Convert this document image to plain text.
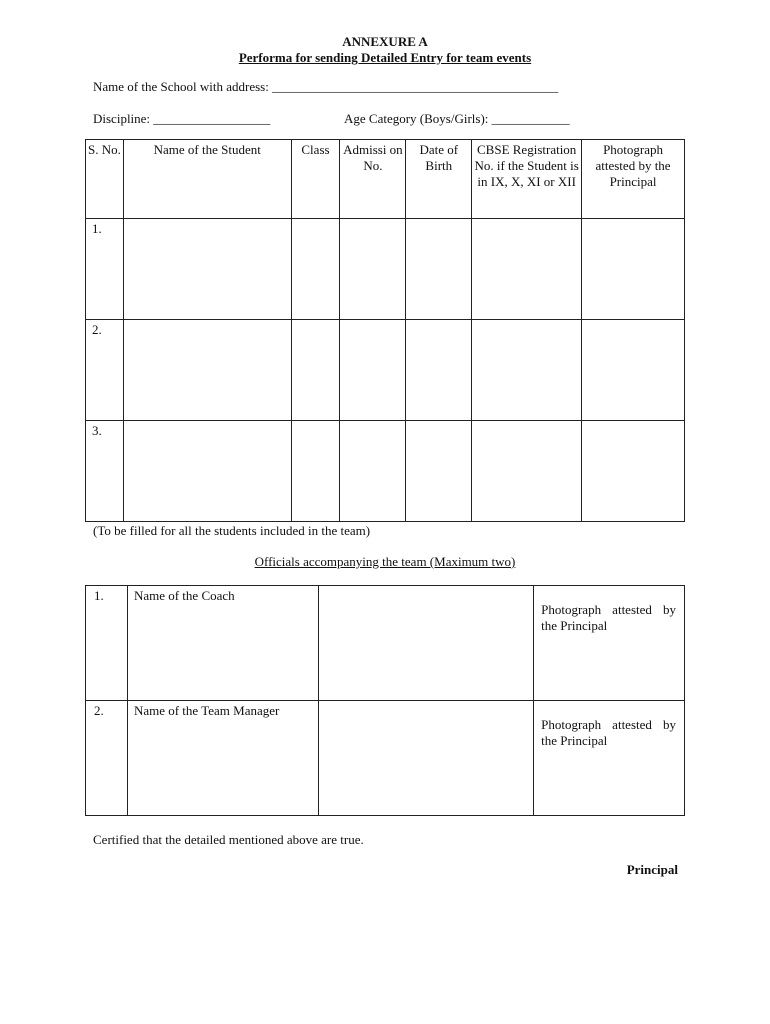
ANNEXURE A
Performa for sending Detailed Entry for team events
Name of the School with address: ____________________________________________
Discipline: __________________	Age Category (Boys/Girls): ____________
S. No.	Name of the Student	Class	Admissi on No.	Date of Birth	CBSE Registration No. if the Student is in IX, X, XI or XII	Photograph attested by the Principal
1.						
2.						
3.						
(To be filled for all the students included in the team)
Officials accompanying the team (Maximum two)
1.	Name of the Coach		Photograph attested by the Principal
2.	Name of the Team Manager		Photograph attested by the Principal
Certified that the detailed mentioned above are true.
Principal
